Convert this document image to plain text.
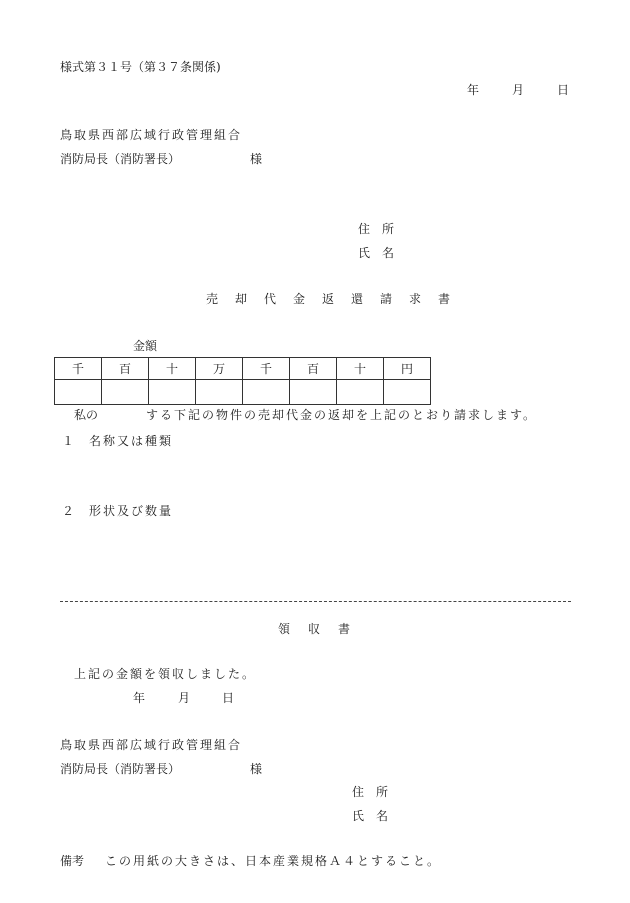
様式第３１号（第３７条関係)
年	月	日
鳥取県西部広域行政管理組合
消防局長（消防署長）	様
住　所
氏　名
売 却 代 金 返 還 請 求 書
金額
千	百	十	万	千	百	十	円

私の	する下記の物件の売却代金の返却を上記のとおり請求します。
１ 名称又は種類
２ 形状及び数量
領 収 書
上記の金額を領収しました。
年	月	日
鳥取県西部広域行政管理組合
消防局長（消防署長）	様
住　所
氏　名
備考 この用紙の大きさは、日本産業規格Ａ４とすること。
